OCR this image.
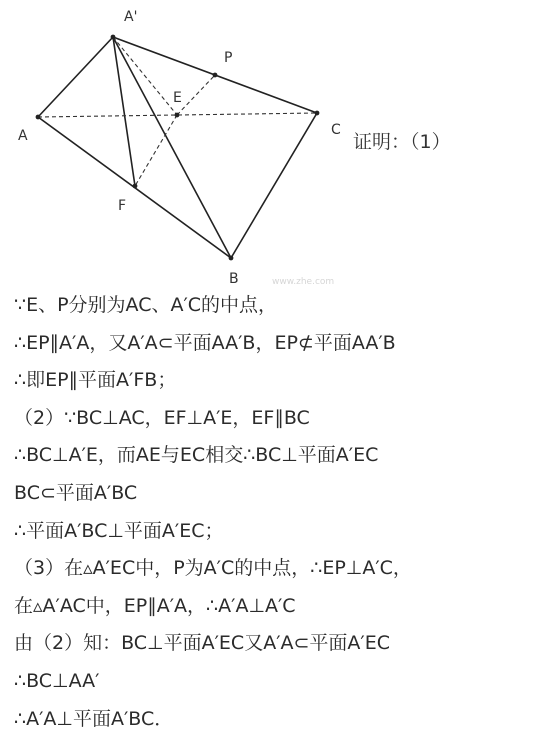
A'
A
B
C
E
P
F
www.zhe.com
证明：（1）
∵E、P分别为AC、A′C的中点，
∴EP∥A′A，又A′A⊂平面AA′B，EP⊄平面AA′B
∴即EP∥平面A′FB；
（2）∵BC⊥AC，EF⊥A′E，EF∥BC
∴BC⊥A′E，而AE与EC相交∴BC⊥平面A′EC
BC⊂平面A′BC
∴平面A′BC⊥平面A′EC；
（3）在▵A′EC中，P为A′C的中点，∴EP⊥A′C，
在▵A′AC中，EP∥A′A，∴A′A⊥A′C
由（2）知：BC⊥平面A′EC又A′A⊂平面A′EC
∴BC⊥AA′
∴A′A⊥平面A′BC．
